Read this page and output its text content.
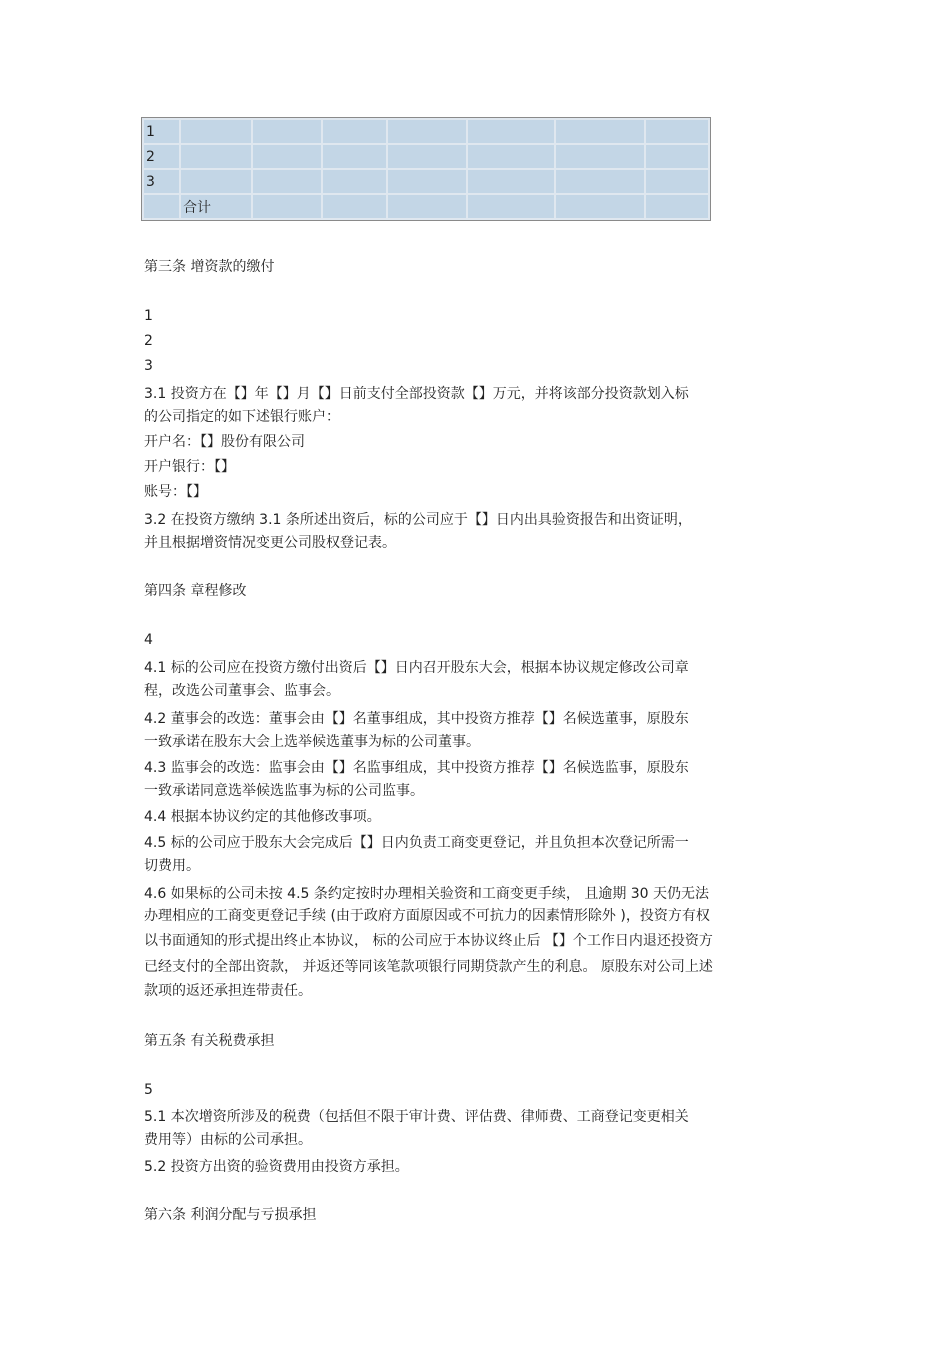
1							
2							
3							
	合计						
第三条 增资款的缴付
1
2
3
3.1 投资方在【】年【】月【】日前支付全部投资款【】万元，并将该部分投资款划入标
的公司指定的如下述银行账户：
开户名：【】股份有限公司
开户银行：【】
账号：【】
3.2 在投资方缴纳 3.1 条所述出资后，标的公司应于【】日内出具验资报告和出资证明，
并且根据增资情况变更公司股权登记表。
第四条 章程修改
4
4.1 标的公司应在投资方缴付出资后【】日内召开股东大会，根据本协议规定修改公司章
程，改选公司董事会、监事会。
4.2 董事会的改选：董事会由【】名董事组成，其中投资方推荐【】名候选董事，原股东
一致承诺在股东大会上选举候选董事为标的公司董事。
4.3 监事会的改选：监事会由【】名监事组成，其中投资方推荐【】名候选监事，原股东
一致承诺同意选举候选监事为标的公司监事。
4.4 根据本协议约定的其他修改事项。
4.5 标的公司应于股东大会完成后【】日内负责工商变更登记，并且负担本次登记所需一
切费用。
4.6 如果标的公司未按 4.5 条约定按时办理相关验资和工商变更手续， 且逾期 30 天仍无法
办理相应的工商变更登记手续 (由于政府方面原因或不可抗力的因素情形除外 )，投资方有权
以书面通知的形式提出终止本协议， 标的公司应于本协议终止后 【】个工作日内退还投资方
已经支付的全部出资款， 并返还等同该笔款项银行同期贷款产生的利息。 原股东对公司上述
款项的返还承担连带责任。
第五条 有关税费承担
5
5.1 本次增资所涉及的税费（包括但不限于审计费、评估费、律师费、工商登记变更相关
费用等）由标的公司承担。
5.2 投资方出资的验资费用由投资方承担。
第六条 利润分配与亏损承担
